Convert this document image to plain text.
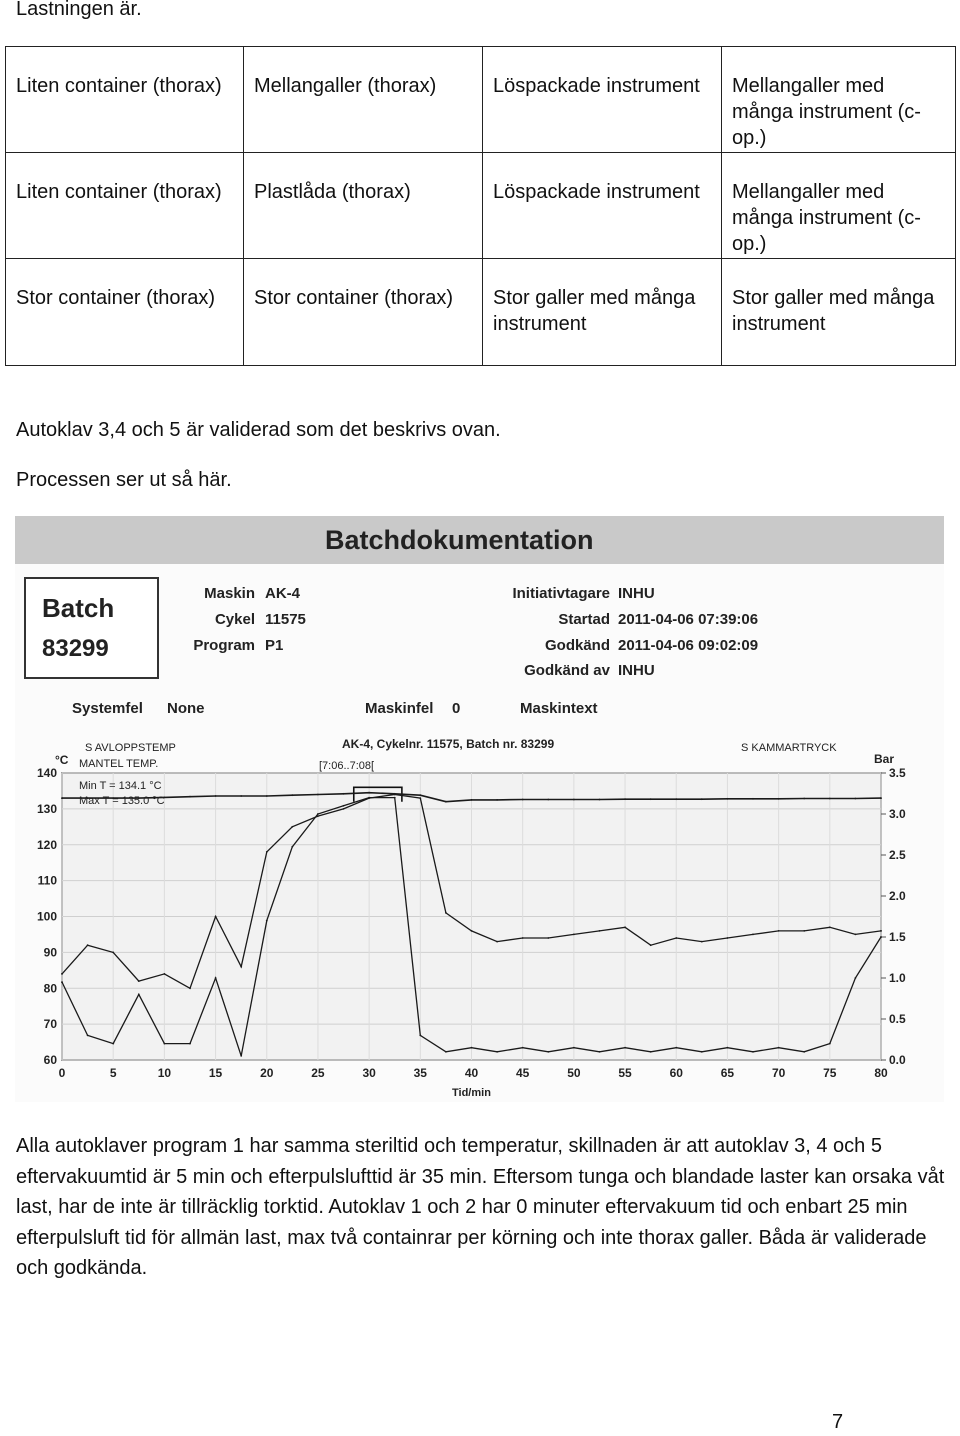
Lastningen är.
Liten container (thorax)	Mellangaller (thorax)	Löspackade instrument	Mellangaller med många instrument (c-op.)
Liten container (thorax)	Plastlåda (thorax)	Löspackade instrument	Mellangaller med många instrument (c-op.)
Stor container (thorax)	Stor container (thorax)	Stor galler med många instrument	Stor galler med många instrument
Autoklav 3,4 och 5 är validerad som det beskrivs ovan.
Processen ser ut så här.
Batchdokumentation
Batch
83299
Maskin AK-4
Cykel 11575
Program P1
Initiativtagare INHU
Startad 2011-04-06 07:39:06
Godkänd 2011-04-06 09:02:09
Godkänd av INHU
Systemfel None	Maskinfel 0	Maskintext
60
70
80
90
100
110
120
130
140
0.0
0.5
1.0
1.5
2.0
2.5
3.0
3.5
0	5	10	15	20	25	30	35	40	45	50	55	60	65	70	75	80
AK-4, Cykelnr. 11575, Batch nr. 83299
S AVLOPPSTEMP
MANTEL TEMP.
Min T = 134.1 °C
Max T = 135.0 °C
[7:06..7:08[
S KAMMARTRYCK
°C	Bar
Tid/min
Alla autoklaver program 1 har samma steriltid och temperatur, skillnaden är att autoklav 3, 4 och 5 eftervakuumtid är 5 min och efterpulslufttid är 35 min. Eftersom tunga och blandade laster kan orsaka våt last, har de inte är tillräcklig torktid. Autoklav 1 och 2 har 0 minuter eftervakuum tid och enbart 25 min efterpulsluft tid för allmän last, max två containrar per körning och inte thorax galler. Båda är validerade och godkända.
7
